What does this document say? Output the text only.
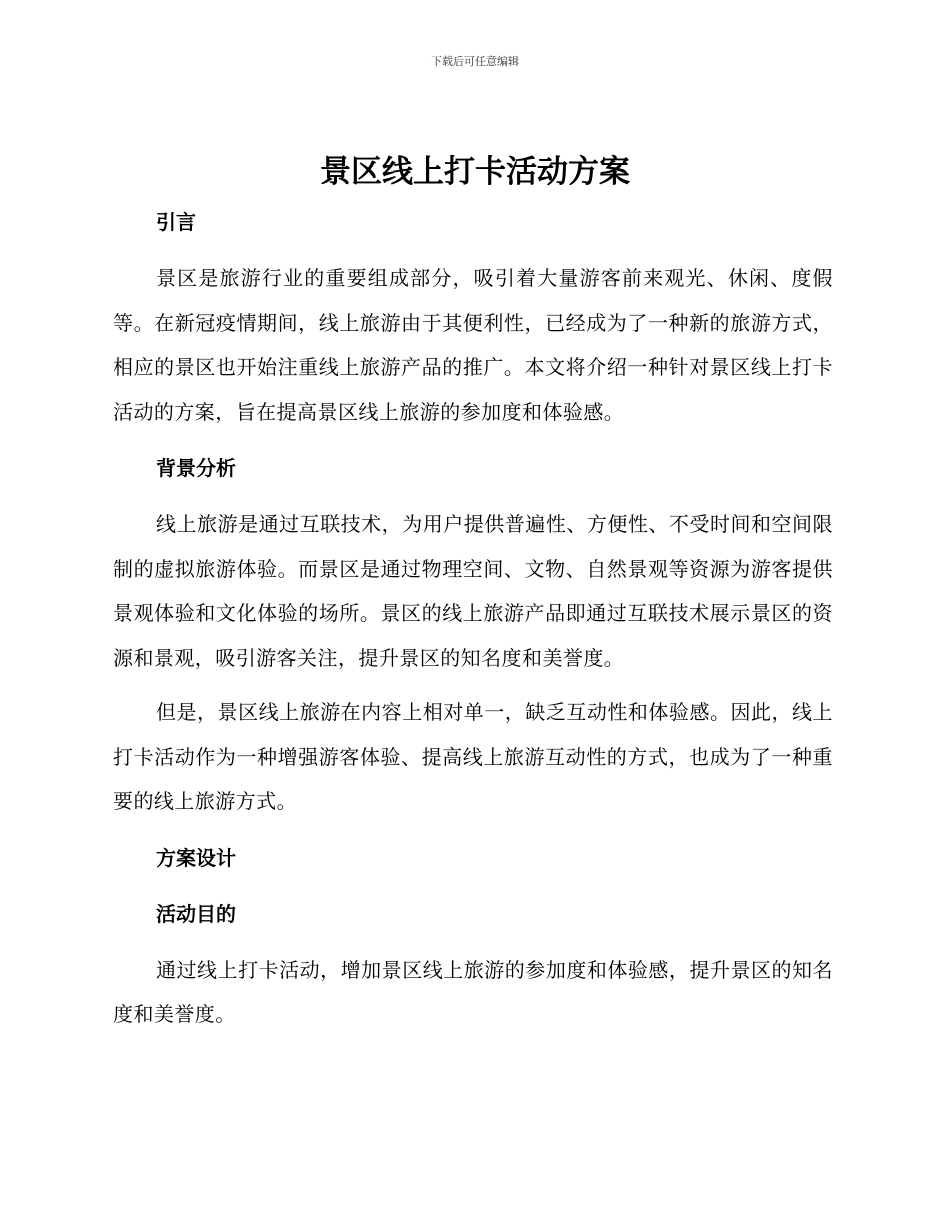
下载后可任意编辑
景区线上打卡活动方案
引言

景区是旅游行业的重要组成部分，吸引着大量游客前来观光、休闲、度假等。在新冠疫情期间，线上旅游由于其便利性，已经成为了一种新的旅游方式，相应的景区也开始注重线上旅游产品的推广。本文将介绍一种针对景区线上打卡活动的方案，旨在提高景区线上旅游的参加度和体验感。

背景分析

线上旅游是通过互联技术，为用户提供普遍性、方便性、不受时间和空间限制的虚拟旅游体验。而景区是通过物理空间、文物、自然景观等资源为游客提供景观体验和文化体验的场所。景区的线上旅游产品即通过互联技术展示景区的资源和景观，吸引游客关注，提升景区的知名度和美誉度。

但是，景区线上旅游在内容上相对单一，缺乏互动性和体验感。因此，线上打卡活动作为一种增强游客体验、提高线上旅游互动性的方式，也成为了一种重要的线上旅游方式。

方案设计
活动目的

通过线上打卡活动，增加景区线上旅游的参加度和体验感，提升景区的知名度和美誉度。
